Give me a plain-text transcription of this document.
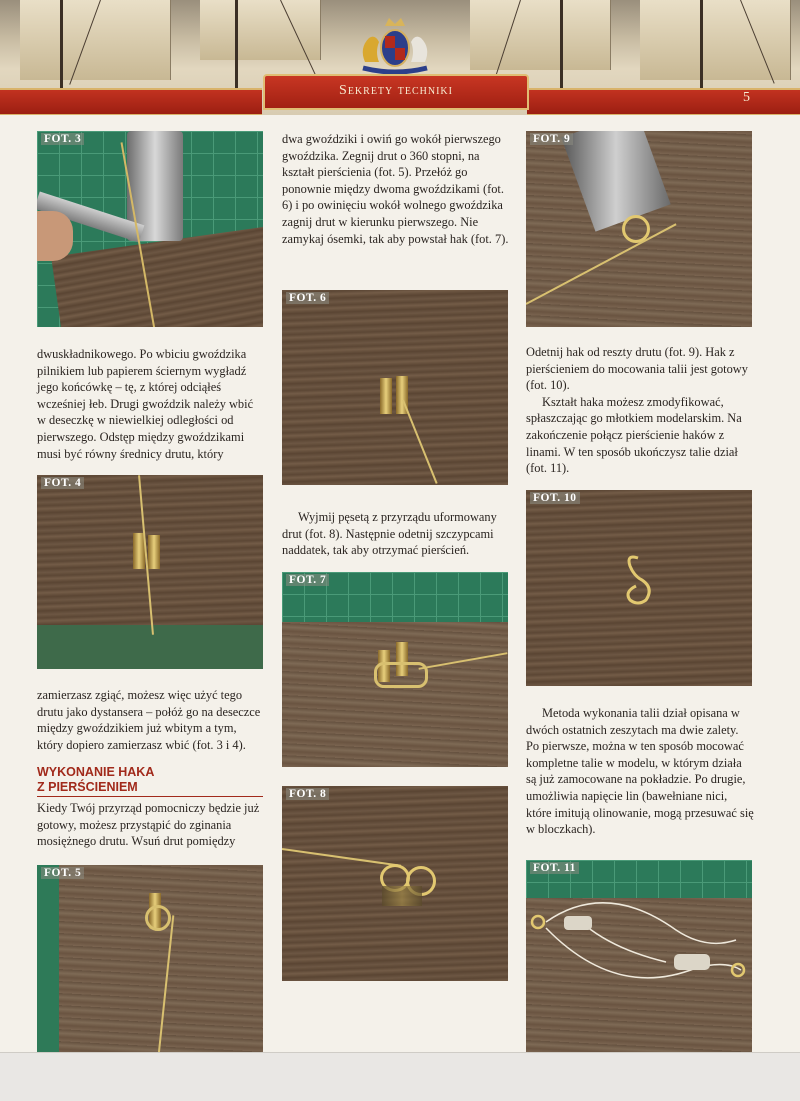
Sekrety techniki	5
FOT. 3

dwuskładnikowego. Po wbiciu gwoździka pilnikiem lub papierem ściernym wygładź jego końcówkę – tę, z której odciąłeś wcześniej łeb. Drugi gwoździk należy wbić w deseczkę w niewielkiej odległości od pierwszego. Odstęp między gwoździkami musi być równy średnicy drutu, który

FOT. 4

zamierzasz zgiąć, możesz więc użyć tego drutu jako dystansera – połóż go na deseczce między gwoździkiem już wbitym a tym, który dopiero zamierzasz wbić (fot. 3 i 4).

WYKONANIE HAKA
Z PIERŚCIENIEM

Kiedy Twój przyrząd pomocniczy będzie już gotowy, możesz przystąpić do zginania mosiężnego drutu. Wsuń drut pomiędzy

FOT. 5

dwa gwoździki i owiń go wokół pierwszego gwoździka. Zegnij drut o 360 stopni, na kształt pierścienia (fot. 5). Przełóż go ponownie między dwoma gwoździkami (fot. 6) i po owinięciu wokół wolnego gwoździka zagnij drut w kierunku pierwszego. Nie zamykaj ósemki, tak aby powstał hak (fot. 7).

FOT. 6

Wyjmij pęsetą z przyrządu uformowany drut (fot. 8). Następnie odetnij szczypcami naddatek, tak aby otrzymać pierścień.

FOT. 7
FOT. 8
FOT. 9

Odetnij hak od reszty drutu (fot. 9). Hak z pierścieniem do mocowania talii jest gotowy (fot. 10).

Kształt haka możesz zmodyfikować, spłaszczając go młotkiem modelarskim. Na zakończenie połącz pierścienie haków z linami. W ten sposób ukończysz talie dział (fot. 11).

FOT. 10

Metoda wykonania talii dział opisana w dwóch ostatnich zeszytach ma dwie zalety. Po pierwsze, można w ten sposób mocować kompletne talie w modelu, w którym działa są już zamocowane na pokładzie. Po drugie, umożliwia napięcie lin (bawełniane nici, które imitują olinowanie, mogą przesuwać się w bloczkach).

FOT. 11
